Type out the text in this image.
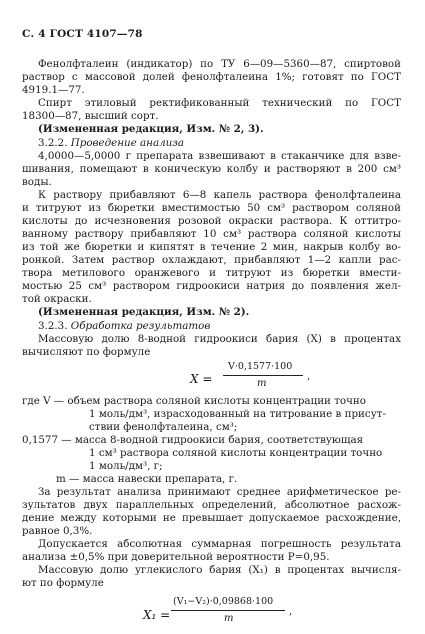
С. 4 ГОСТ 4107—78
Фенолфталеин (индикатор) по ТУ 6—09—5360—87, спиртовой
раствор с массовой долей фенолфталеина 1%; готовят по ГОСТ
4919.1—77.
Спирт этиловый ректификованный технический по ГОСТ
18300—87, высший сорт.
(Измененная редакция, Изм. № 2, 3).
3.2.2. Проведение анализа
4,0000—5,0000 г препарата взвешивают в стаканчике для взве-
шивания, помещают в коническую колбу и растворяют в 200 см³
воды.
К раствору прибавляют 6—8 капель раствора фенолфталеина
и титруют из бюретки вместимостью 50 см³ раствором соляной
кислоты до исчезновения розовой окраски раствора. К оттитро-
ванному раствору прибавляют 10 см³ раствора соляной кислоты
из той же бюретки и кипятят в течение 2 мин, накрыв колбу во-
ронкой. Затем раствор охлаждают, прибавляют 1—2 капли рас-
твора метилового оранжевого и титруют из бюретки вмести-
мостью 25 см³ раствором гидроокиси натрия до появления жел-
той окраски.
(Измененная редакция, Изм. № 2).
3.2.3. Обработка результатов
Массовую долю 8-водной гидроокиси бария (X) в процентах
вычисляют по формуле
X =
V·0,1577·100
m
,
где V — объем раствора соляной кислоты концентрации точно
1 моль/дм³, израсходованный на титрование в присут-
ствии фенолфталеина, см³;
0,1577 — масса 8-водной гидроокиси бария, соответствующая
1 см³ раствора соляной кислоты концентрации точно
1 моль/дм³, г;
m — масса навески препарата, г.
За результат анализа принимают среднее арифметическое ре-
зультатов двух параллельных определений, абсолютное расхож-
дение между которыми не превышает допускаемое расхождение,
равное 0,3%.
Допускается абсолютная суммарная погрешность результата
анализа ±0,5% при доверительной вероятности P=0,95.
Массовую долю углекислого бария (X₁) в процентах вычисля-
ют по формуле
X₁ =
(V₁−V₂)·0,09868·100
m
,
